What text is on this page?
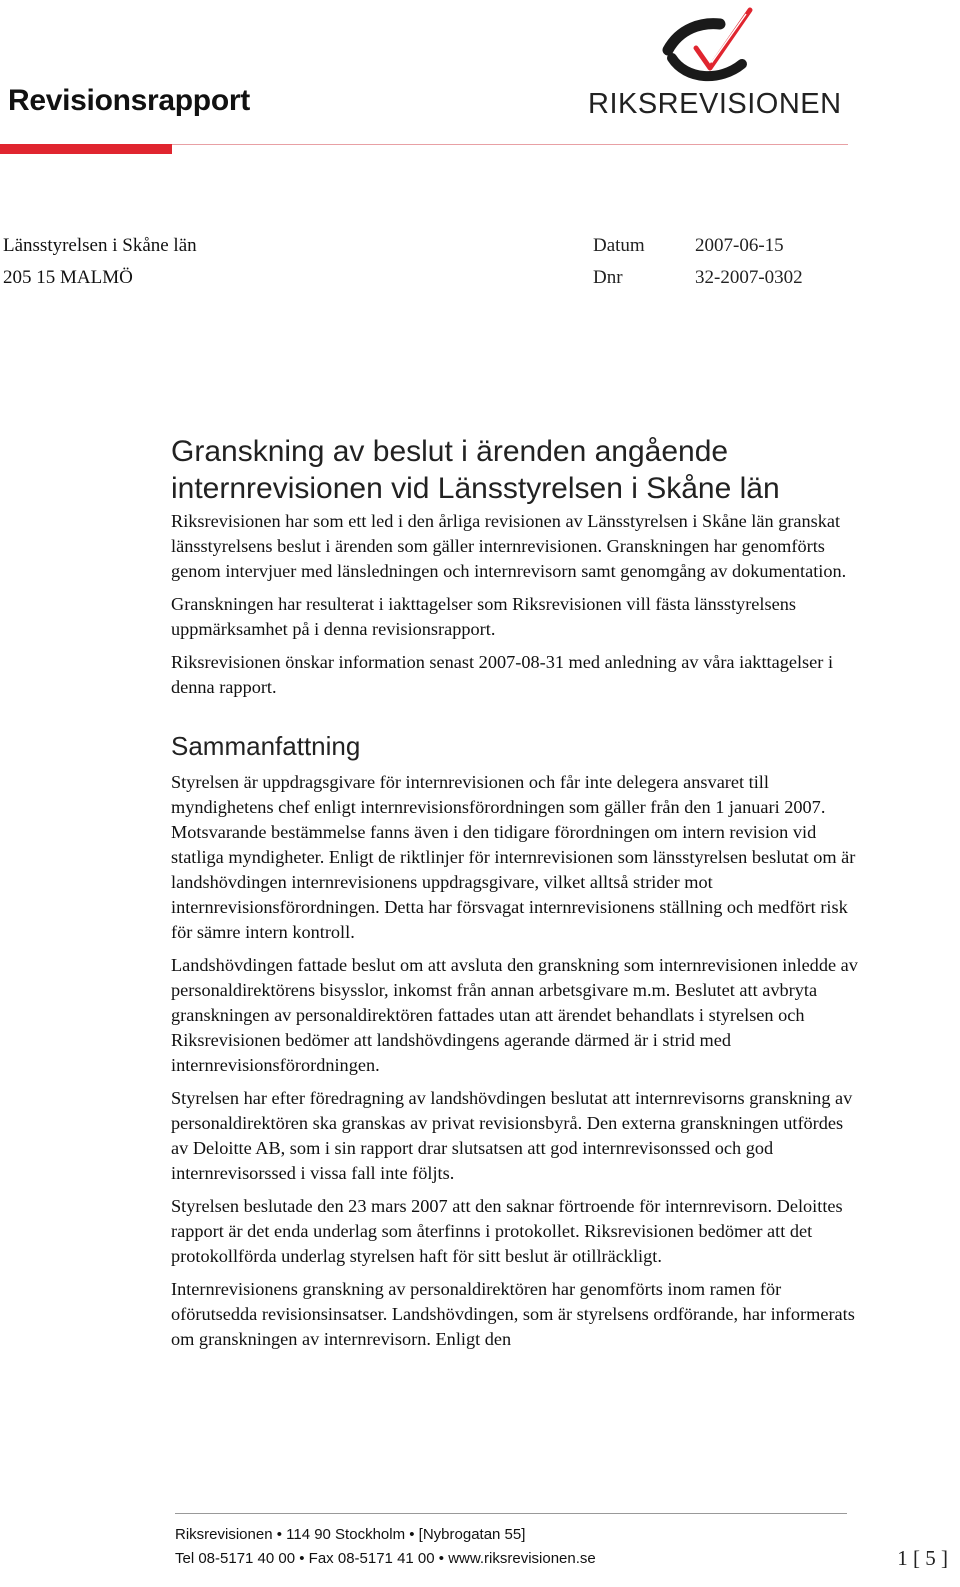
Revisionsrapport	RIKSREVISIONEN
Länsstyrelsen i Skåne län
205 15 MALMÖ
Datum	2007-06-15
Dnr	32-2007-0302
Granskning av beslut i ärenden angående
internrevisionen vid Länsstyrelsen i Skåne län

Riksrevisionen har som ett led i den årliga revisionen av Länsstyrelsen i Skåne län granskat länsstyrelsens beslut i ärenden som gäller internrevisionen. Granskningen har genomförts genom intervjuer med länsledningen och internrevisorn samt genomgång av dokumentation.

Granskningen har resulterat i iakttagelser som Riksrevisionen vill fästa länsstyrelsens uppmärksamhet på i denna revisionsrapport.

Riksrevisionen önskar information senast 2007-08-31 med anledning av våra iakttagelser i denna rapport.

Sammanfattning

Styrelsen är uppdragsgivare för internrevisionen och får inte delegera ansvaret till myndighetens chef enligt internrevisionsförordningen som gäller från den 1 januari 2007. Motsvarande bestämmelse fanns även i den tidigare förordningen om intern revision vid statliga myndigheter. Enligt de riktlinjer för internrevisionen som länsstyrelsen beslutat om är landshövdingen internrevisionens uppdragsgivare, vilket alltså strider mot internrevisionsförordningen. Detta har försvagat internrevisionens ställning och medfört risk för sämre intern kontroll.

Landshövdingen fattade beslut om att avsluta den granskning som internrevisionen inledde av personaldirektörens bisysslor, inkomst från annan arbetsgivare m.m. Beslutet att avbryta granskningen av personaldirektören fattades utan att ärendet behandlats i styrelsen och Riksrevisionen bedömer att landshövdingens agerande därmed är i strid med internrevisionsförordningen.

Styrelsen har efter föredragning av landshövdingen beslutat att internrevisorns granskning av personaldirektören ska granskas av privat revisionsbyrå. Den externa granskningen utfördes av Deloitte AB, som i sin rapport drar slutsatsen att god internrevisonssed och god internrevisorssed i vissa fall inte följts.

Styrelsen beslutade den 23 mars 2007 att den saknar förtroende för internrevisorn. Deloittes rapport är det enda underlag som återfinns i protokollet. Riksrevisionen bedömer att det protokollförda underlag styrelsen haft för sitt beslut är otillräckligt.

Internrevisionens granskning av personaldirektören har genomförts inom ramen för oförutsedda revisionsinsatser. Landshövdingen, som är styrelsens ordförande, har informerats om granskningen av internrevisorn. Enligt den

Riksrevisionen • 114 90 Stockholm • [Nybrogatan 55]
Tel 08-5171 40 00 • Fax 08-5171 41 00 • www.riksrevisionen.se	1 [ 5 ]
